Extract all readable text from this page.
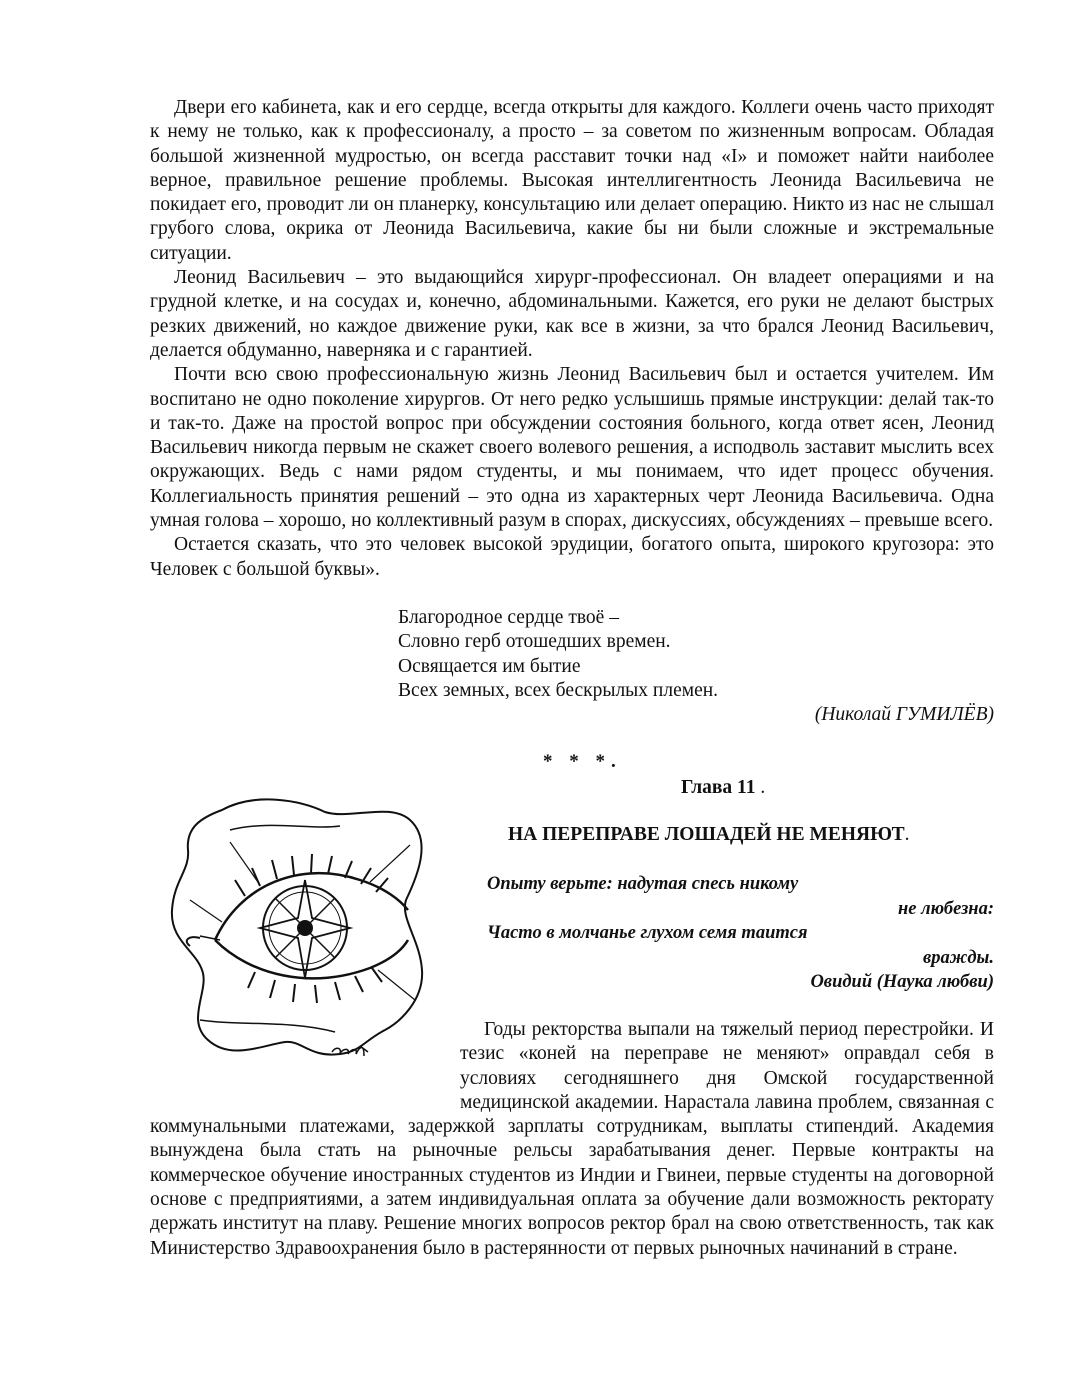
Двери его кабинета, как и его сердце, всегда открыты для каждого. Коллеги очень часто приходят к нему не только, как к профессионалу, а просто – за советом по жизненным вопросам. Обладая большой жизненной мудростью, он всегда расставит точки над «I» и поможет найти наиболее верное, правильное решение проблемы. Высокая интеллигентность Леонида Васильевича не покидает его, проводит ли он планерку, консультацию или делает операцию. Никто из нас не слышал грубого слова, окрика от Леонида Васильевича, какие бы ни были сложные и экстремальные ситуации.

Леонид Васильевич – это выдающийся хирург-профессионал. Он владеет операциями и на грудной клетке, и на сосудах и, конечно, абдоминальными. Кажется, его руки не делают быстрых резких движений, но каждое движение руки, как все в жизни, за что брался Леонид Васильевич, делается обдуманно, наверняка и с гарантией.

Почти всю свою профессиональную жизнь Леонид Васильевич был и остается учителем. Им воспитано не одно поколение хирургов. От него редко услышишь прямые инструкции: делай так-то и так-то. Даже на простой вопрос при обсуждении состояния больного, когда ответ ясен, Леонид Васильевич никогда первым не скажет своего волевого решения, а исподволь заставит мыслить всех окружающих. Ведь с нами рядом студенты, и мы понимаем, что идет процесс обучения. Коллегиальность принятия решений – это одна из характерных черт Леонида Васильевича. Одна умная голова – хорошо, но коллективный разум в спорах, дискуссиях, обсуждениях – превыше всего.

Остается сказать, что это человек высокой эрудиции, богатого опыта, широкого кругозора: это Человек с большой буквы».

Благородное сердце твоё –
Словно герб отошедших времен.
Освящается им бытие
Всех земных, всех бескрылых племен.
(Николай ГУМИЛЁВ)
* * *.
Глава 11 .
НА ПЕРЕПРАВЕ ЛОШАДЕЙ НЕ МЕНЯЮТ.
Опыту верьте: надутая спесь никому
не любезна:
Часто в молчанье глухом семя таится
вражды.
Овидий (Наука любви)

Годы ректорства выпали на тяжелый период перестройки. И тезис «коней на переправе не меняют» оправдал себя в условиях сегодняшнего дня Омской государственной медицинской академии. Нарастала лавина проблем, связанная с коммунальными платежами, задержкой зарплаты сотрудникам, выплаты стипендий. Академия вынуждена была стать на рыночные рельсы зарабатывания денег. Первые контракты на коммерческое обучение иностранных студентов из Индии и Гвинеи, первые студенты на договорной основе с предприятиями, а затем индивидуальная оплата за обучение дали возможность ректорату держать институт на плаву. Решение многих вопросов ректор брал на свою ответственность, так как Министерство Здравоохранения было в растерянности от первых рыночных начинаний в стране.
